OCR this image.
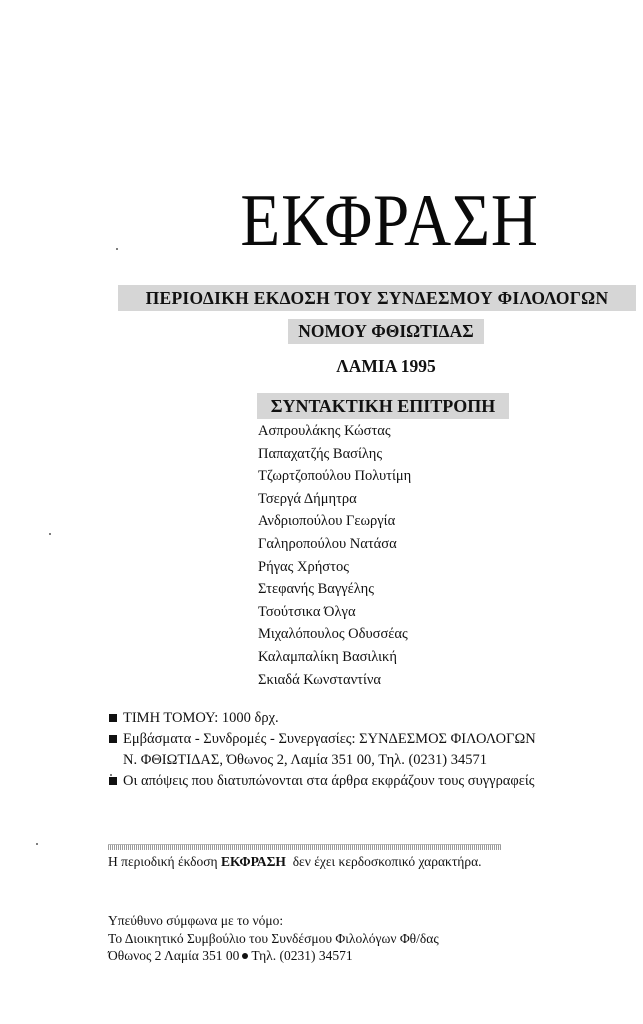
ΕΚΦΡΑΣΗ
ΠΕΡΙΟΔΙΚΗ ΕΚΔΟΣΗ ΤΟΥ ΣΥΝΔΕΣΜΟΥ ΦΙΛΟΛΟΓΩΝ
ΝΟΜΟΥ ΦΘΙΩΤΙΔΑΣ
ΛΑΜΙΑ 1995
ΣΥΝΤΑΚΤΙΚΗ ΕΠΙΤΡΟΠΗ
Ασπρουλάκης Κώστας
Παπαχατζής Βασίλης
Τζωρτζοπούλου Πολυτίμη
Τσεργά Δήμητρα
Ανδριοπούλου Γεωργία
Γαληροπούλου Νατάσα
Ρήγας Χρήστος
Στεφανής Βαγγέλης
Τσούτσικα Όλγα
Μιχαλόπουλος Οδυσσέας
Καλαμπαλίκη Βασιλική
Σκιαδά Κωνσταντίνα
ΤΙΜΗ ΤΟΜΟΥ: 1000 δρχ.
Εμβάσματα - Συνδρομές - Συνεργασίες: ΣΥΝΔΕΣΜΟΣ ΦΙΛΟΛΟΓΩΝ
Ν. ΦΘΙΩΤΙΔΑΣ, Όθωνος 2, Λαμία 351 00, Τηλ. (0231) 34571
Οι απόψεις που διατυπώνονται στα άρθρα εκφράζουν τους συγγραφείς
Η περιοδική έκδοση ΕΚΦΡΑΣΗ  δεν έχει κερδοσκοπικό χαρακτήρα.
Υπεύθυνο σύμφωνα με το νόμο:
Το Διοικητικό Συμβούλιο του Συνδέσμου Φιλολόγων Φθ/δας
Όθωνος 2 Λαμία 351 00 Τηλ. (0231) 34571
